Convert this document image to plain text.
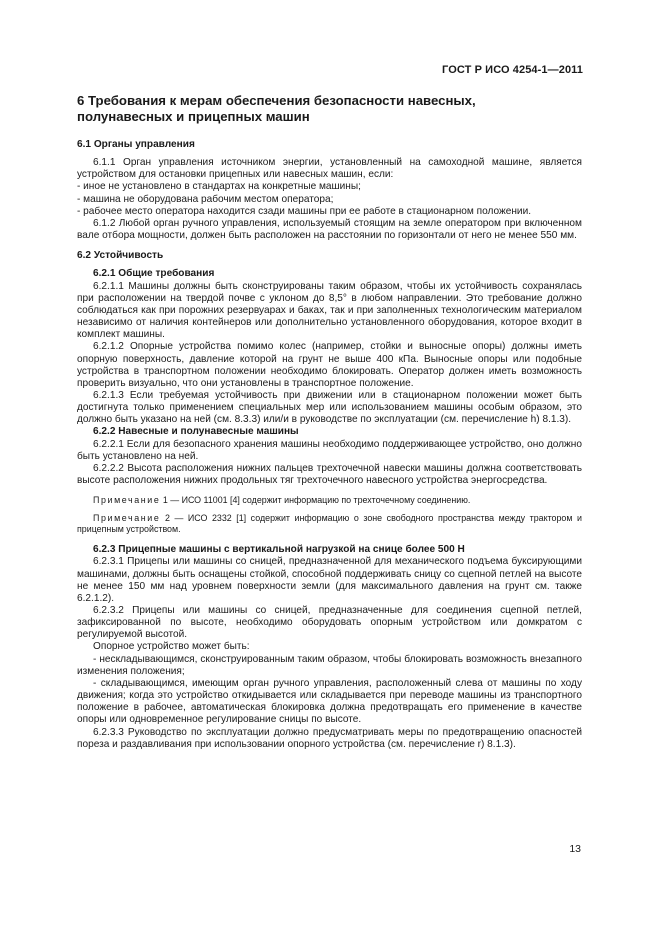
ГОСТ Р ИСО 4254-1—2011
6 Требования к мерам обеспечения безопасности навесных,
полунавесных и прицепных машин
6.1 Органы управления

6.1.1 Орган управления источником энергии, установленный на самоходной машине, является устройством для остановки прицепных или навесных машин, если:

- иное не установлено в стандартах на конкретные машины;

- машина не оборудована рабочим местом оператора;

- рабочее место оператора находится сзади машины при ее работе в стационарном положении.

6.1.2 Любой орган ручного управления, используемый стоящим на земле оператором при включенном вале отбора мощности, должен быть расположен на расстоянии по горизонтали от него не менее 550 мм.

6.2 Устойчивость
6.2.1 Общие требования

6.2.1.1 Машины должны быть сконструированы таким образом, чтобы их устойчивость сохранялась при расположении на твердой почве с уклоном до 8,5° в любом направлении. Это требование должно соблюдаться как при порожних резервуарах и баках, так и при заполненных технологическим материалом независимо от наличия контейнеров или дополнительно установленного оборудования, которое входит в комплект машины.

6.2.1.2 Опорные устройства помимо колес (например, стойки и выносные опоры) должны иметь опорную поверхность, давление которой на грунт не выше 400 кПа. Выносные опоры или подобные устройства в транспортном положении необходимо блокировать. Оператор должен иметь возможность проверить визуально, что они установлены в транспортное положение.

6.2.1.3 Если требуемая устойчивость при движении или в стационарном положении может быть достигнута только применением специальных мер или использованием машины особым образом, это должно быть указано на ней (см. 8.3.3) или/и в руководстве по эксплуатации (см. перечисление h) 8.1.3).

6.2.2 Навесные и полунавесные машины

6.2.2.1 Если для безопасного хранения машины необходимо поддерживающее устройство, оно должно быть установлено на ней.

6.2.2.2 Высота расположения нижних пальцев трехточечной навески машины должна соответствовать высоте расположения нижних продольных тяг трехточечного навесного устройства энергосредства.

Примечание 1 — ИСО 11001 [4] содержит информацию по трехточечному соединению.

Примечание 2 — ИСО 2332 [1] содержит информацию о зоне свободного пространства между трактором и прицепным устройством.

6.2.3 Прицепные машины с вертикальной нагрузкой на снице более 500 Н

6.2.3.1 Прицепы или машины со сницей, предназначенной для механического подъема буксирующими машинами, должны быть оснащены стойкой, способной поддерживать сницу со сцепной петлей на высоте не менее 150 мм над уровнем поверхности земли (для максимального давления на грунт см. также 6.2.1.2).

6.2.3.2 Прицепы или машины со сницей, предназначенные для соединения сцепной петлей, зафиксированной по высоте, необходимо оборудовать опорным устройством или домкратом с регулируемой высотой.

Опорное устройство может быть:

- нескладывающимся, сконструированным таким образом, чтобы блокировать возможность внезапного изменения положения;

- складывающимся, имеющим орган ручного управления, расположенный слева от машины по ходу движения; когда это устройство откидывается или складывается при переводе машины из транспортного положение в рабочее, автоматическая блокировка должна предотвращать его применение в качестве опоры или одновременное регулирование сницы по высоте.

6.2.3.3 Руководство по эксплуатации должно предусматривать меры по предотвращению опасностей пореза и раздавливания при использовании опорного устройства (см. перечисление r) 8.1.3).

13
